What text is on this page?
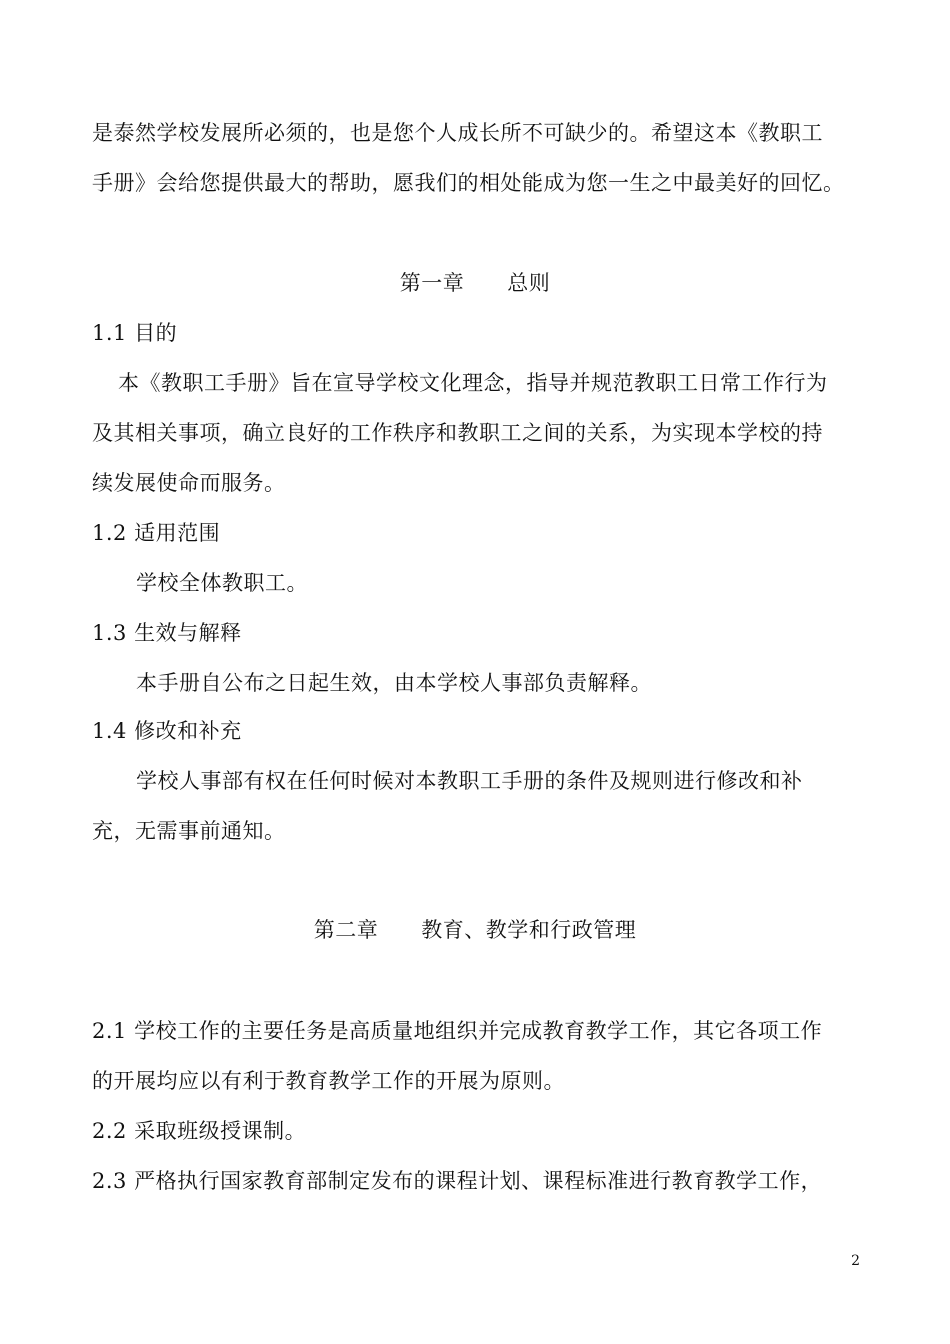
是泰然学校发展所必须的，也是您个人成长所不可缺少的。希望这本《教职工
手册》会给您提供最大的帮助，愿我们的相处能成为您一生之中最美好的回忆。
第一章　　总则
1.1 目的
本《教职工手册》旨在宣导学校文化理念，指导并规范教职工日常工作行为
及其相关事项，确立良好的工作秩序和教职工之间的关系，为实现本学校的持
续发展使命而服务。
1.2 适用范围
学校全体教职工。
1.3 生效与解释
本手册自公布之日起生效，由本学校人事部负责解释。
1.4 修改和补充
学校人事部有权在任何时候对本教职工手册的条件及规则进行修改和补
充，无需事前通知。
第二章　　教育、教学和行政管理
2.1 学校工作的主要任务是高质量地组织并完成教育教学工作，其它各项工作
的开展均应以有利于教育教学工作的开展为原则。
2.2 采取班级授课制。
2.3 严格执行国家教育部制定发布的课程计划、课程标准进行教育教学工作，
2
